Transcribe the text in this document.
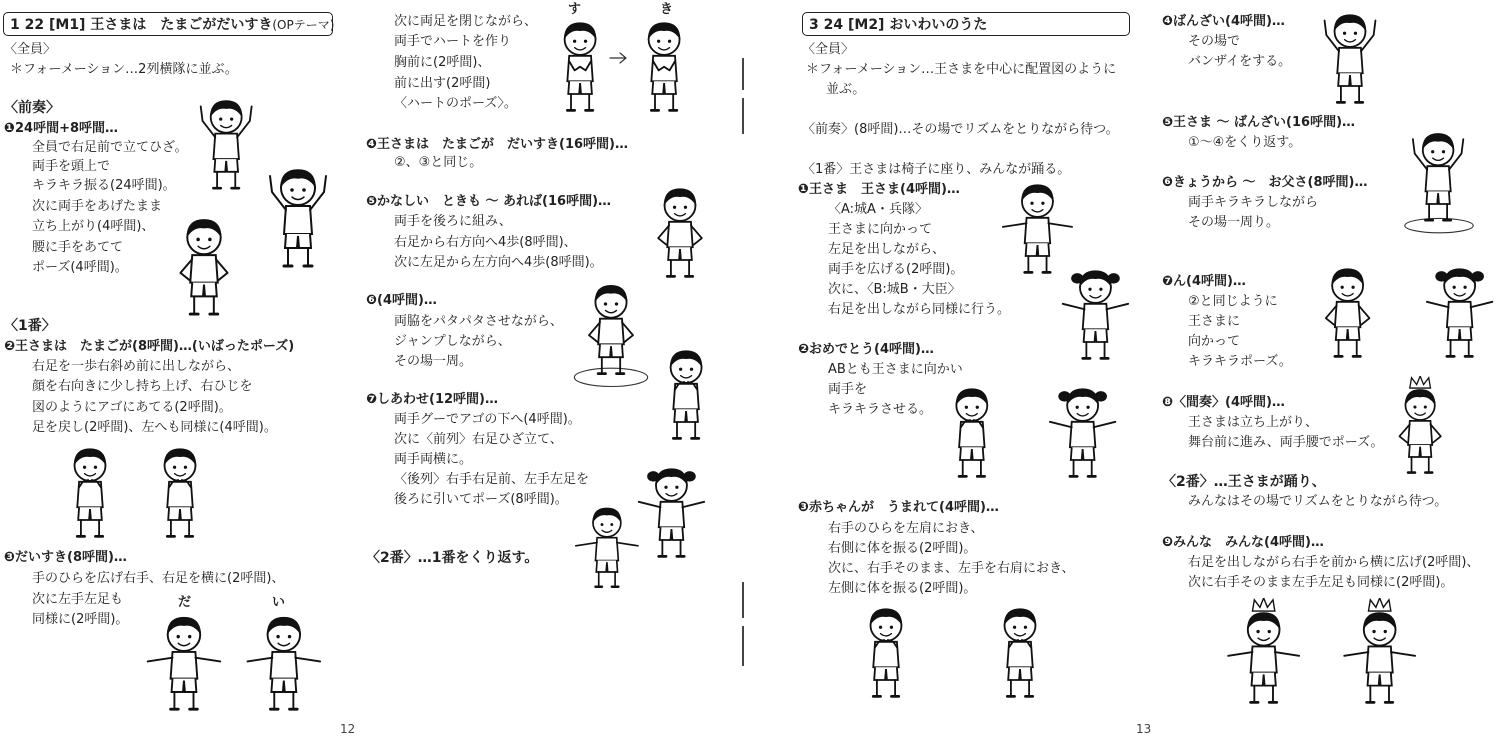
1 22 [M1] 王さまは　たまごがだいすき(OPテーマ)
〈全員〉
＊フォーメーション…2列横隊に並ぶ。
〈前奏〉
❶24呼間+8呼間…
全員で右足前で立てひざ。
両手を頭上で
キラキラ振る(24呼間)。
次に両手をあげたまま
立ち上がり(4呼間)、
腰に手をあてて
ポーズ(4呼間)。
〈1番〉
❷王さまは　たまごが(8呼間)…(いばったポーズ)
右足を一歩右斜め前に出しながら、
顔を右向きに少し持ち上げ、右ひじを
図のようにアゴにあてる(2呼間)。
足を戻し(2呼間)、左へも同様に(4呼間)。
❸だいすき(8呼間)…
手のひらを広げ右手、右足を横に(2呼間)、
次に左手左足も
同様に(2呼間)。
だ	い
次に両足を閉じながら、
両手でハートを作り
胸前に(2呼間)、
前に出す(2呼間)
〈ハートのポーズ〉。
す	き
❹王さまは　たまごが　だいすき(16呼間)…
②、③と同じ。
❺かなしい　ときも ～ あれば(16呼間)…
両手を後ろに組み、
右足から右方向へ4歩(8呼間)、
次に左足から左方向へ4歩(8呼間)。
❻(4呼間)…
両脇をパタパタさせながら、
ジャンプしながら、
その場一周。
❼しあわせ(12呼間)…
両手グーでアゴの下へ(4呼間)。
次に〈前列〉右足ひざ立て、
両手両横に。
〈後列〉右手右足前、左手左足を
後ろに引いてポーズ(8呼間)。
〈2番〉…1番をくり返す。
12
3 24 [M2] おいわいのうた
〈全員〉
＊フォーメーション…王さまを中心に配置図のように
並ぶ。
〈前奏〉(8呼間)…その場でリズムをとりながら待つ。
〈1番〉王さまは椅子に座り、みんなが踊る。
❶王さま　王さま(4呼間)…
〈A:城A・兵隊〉
王さまに向かって
左足を出しながら、
両手を広げる(2呼間)。
次に、〈B:城B・大臣〉
右足を出しながら同様に行う。
❷おめでとう(4呼間)…
ABとも王さまに向かい
両手を
キラキラさせる。
❸赤ちゃんが　うまれて(4呼間)…
右手のひらを左肩におき、
右側に体を振る(2呼間)。
次に、右手そのまま、左手を右肩におき、
左側に体を振る(2呼間)。
❹ばんざい(4呼間)…
その場で
バンザイをする。
❺王さま ～ ばんざい(16呼間)…
①～④をくり返す。
❻きょうから ～　お父さ(8呼間)…
両手キラキラしながら
その場一周り。
❼ん(4呼間)…
②と同じように
王さまに
向かって
キラキラポーズ。
❽〈間奏〉(4呼間)…
王さまは立ち上がり、
舞台前に進み、両手腰でポーズ。
〈2番〉…王さまが踊り、
みんなはその場でリズムをとりながら待つ。
❾みんな　みんな(4呼間)…
右足を出しながら右手を前から横に広げ(2呼間)、
次に右手そのまま左手左足も同様に(2呼間)。
13
